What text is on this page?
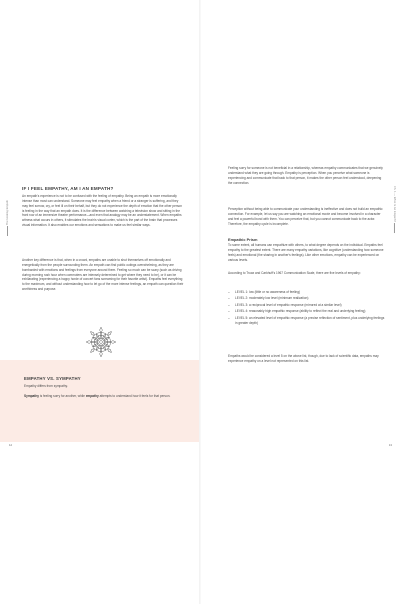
The Healing Empath
IF I FEEL EMPATHY, AM I AN EMPATH?

An empath's experience is not to be confused with the feeling of empathy. Being an empath is more emotionally intense than most can understand. Someone may feel empathy when a friend or a stranger is suffering, and they may feel sorrow, cry, or feel ill on their behalf, but they do not experience the depth of emotion that the other person is feeling in the way that an empath does. It is the difference between watching a television show and sitting in the front row of an immersive theatre performance—and even that analogy may be an understatement. When empaths witness what occurs in others, it stimulates the brain's visual cortex, which is the part of the brain that processes visual information. It also enables our emotions and sensations to make us feel similar ways.

Another key difference is that, when in a crowd, empaths are unable to shut themselves off emotionally and energetically from the people surrounding them. An empath can find public outings overwhelming, as they are bombarded with emotions and feelings from everyone around them. Feeling so much can be scary (such as driving during morning rush hour when commuters are intensely determined to get where they need to be), or it can be exhilarating (experiencing a happy horde of concert fans screaming for their favorite artist). Empaths feel everything to the maximum, and without understanding how to let go of the more intense feelings, an empath can question their worthiness and purpose.

EMPATHY VS. SYMPATHY

Empathy differs from sympathy.

Sympathy is feeling sorry for another, while empathy attempts to understand how it feels for that person.

12
Ch. 1 — What Is An Empath?

Feeling sorry for someone is not beneficial in a relationship, whereas empathy communicates that we genuinely understand what they are going through. Empathy is perception. When you perceive what someone is experiencing and communicate that back to that person, it makes the other person feel understood, deepening the connection.

Perception without being able to communicate your understanding is ineffective and does not build an empathic connection. For example, let us say you are watching an emotional movie and become involved in a character and feel a powerful bond with them. You can perceive that, but you cannot communicate back to the actor. Therefore, the empathy cycle is incomplete.

Empathic Prism

To some extent, all humans can empathize with others, to what degree depends on the individual. Empaths feel empathy to the greatest extent. There are many empathy variations, like cognitive (understanding how someone feels) and emotional (the sharing in another's feelings). Like other emotions, empathy can be experienced on various levels.

According to Truax and Carkhuff's 1967 Communication Scale, there are five levels of empathy:

– LEVEL 1: low (little or no awareness of feeling)
– LEVEL 2: moderately low level (minimum realization)
– LEVEL 3: a reciprocal level of empathic response (mirrored at a similar level)
– LEVEL 4: reasonably high empathic response (ability to reflect the real and underlying feeling)
– LEVEL 5: an elevated level of empathic response (a precise reflection of sentiment, plus underlying feelings in greater depth)

Empaths would be considered a level 5 on the above list, though, due to lack of scientific data, empaths may experience empathy on a level not represented on this list.

13
